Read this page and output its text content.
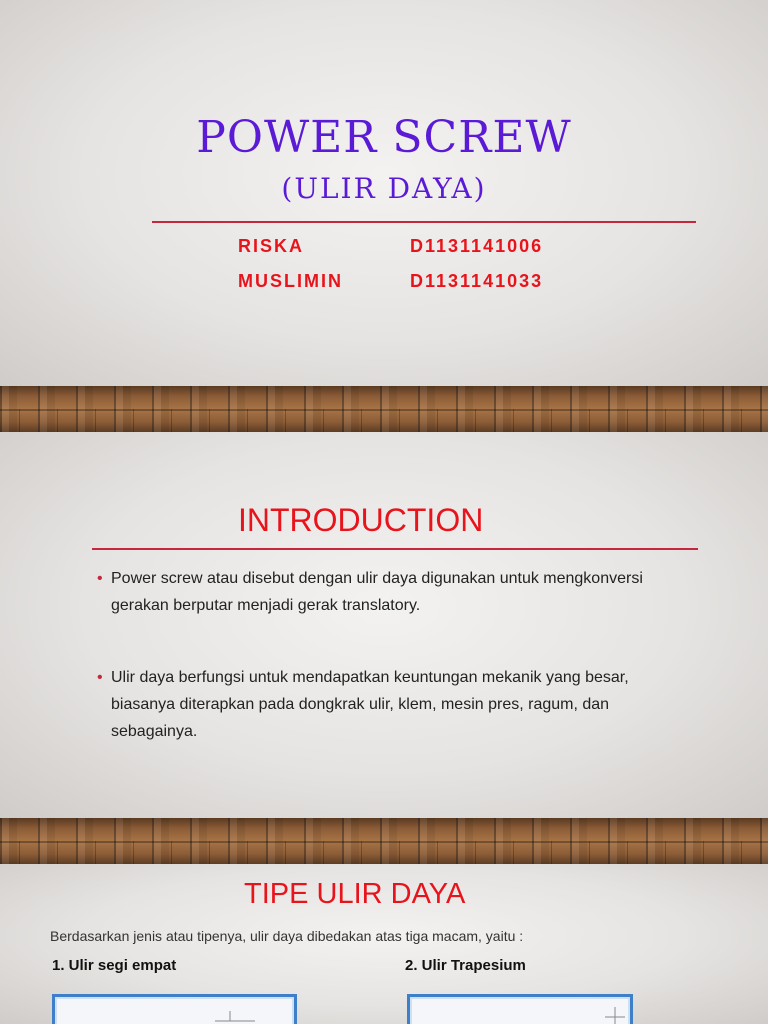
POWER SCREW
(ULIR DAYA)
RISKA	D1131141006
MUSLIMIN	D1131141033
INTRODUCTION
• Power screw atau disebut dengan ulir daya digunakan untuk mengkonversi gerakan berputar menjadi gerak translatory.
• Ulir daya berfungsi untuk mendapatkan keuntungan mekanik yang besar, biasanya diterapkan pada dongkrak ulir, klem, mesin pres, ragum, dan sebagainya.
TIPE ULIR DAYA
Berdasarkan jenis atau tipenya, ulir daya dibedakan atas tiga macam, yaitu :
1. Ulir segi empat	2. Ulir Trapesium
